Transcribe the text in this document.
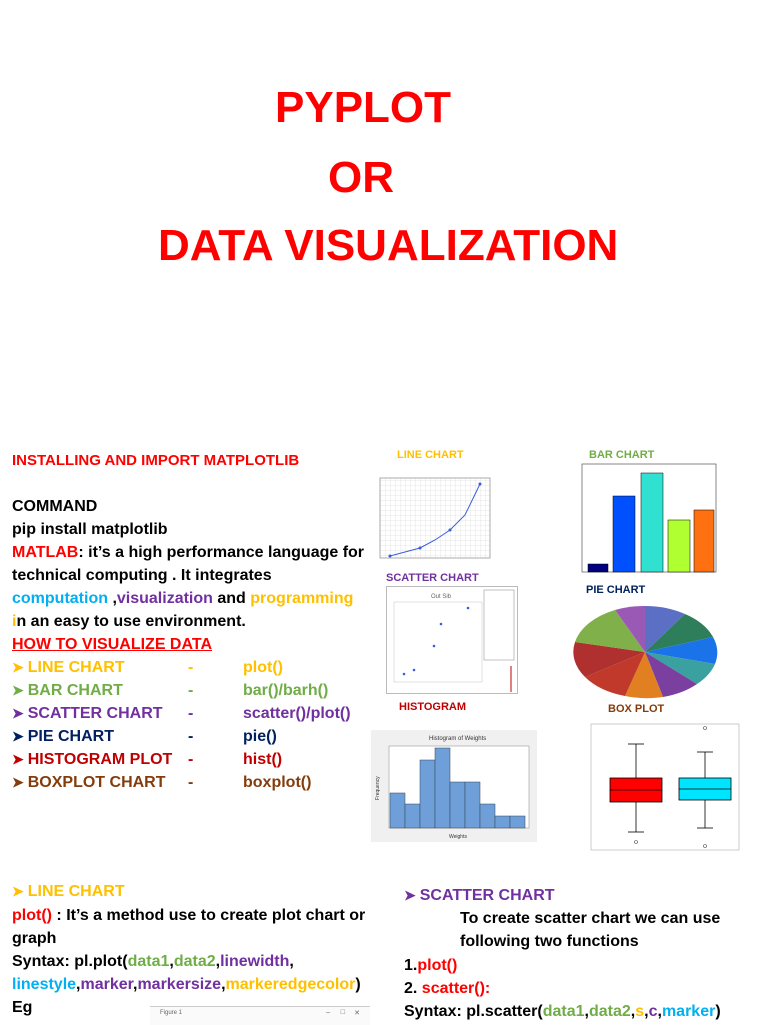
PYPLOT
OR
DATA VISUALIZATION
INSTALLING AND IMPORT MATPLOTLIB
COMMAND
pip install matplotlib
MATLAB: it’s a high performance language for
technical computing . It integrates
computation ,visualization and programming
in an easy to use environment.
HOW TO VISUALIZE DATA
➤ LINE CHART	-	plot()
➤ BAR CHART	-	bar()/barh()
➤ SCATTER CHART -	scatter()/plot()
➤ PIE CHART	-	pie()
➤ HISTOGRAM PLOT -	hist()
➤ BOXPLOT CHART -	boxplot()
LINE CHART	BAR CHART
SCATTER CHART
PIE CHART
HISTOGRAM	BOX PLOT
Out Sib
Histogram of Weights
Weights
Frequency
➤ LINE CHART
plot() : It’s a method use to create plot chart or
graph
Syntax: pl.plot(data1,data2,linewidth,
linestyle,marker,markersize,markeredgecolor)
Eg	Figure 1	– □ ✕
➤ SCATTER CHART
To create scatter chart we can use
following two functions
1.plot()
2. scatter():
Syntax: pl.scatter(data1,data2,s,c,marker)
